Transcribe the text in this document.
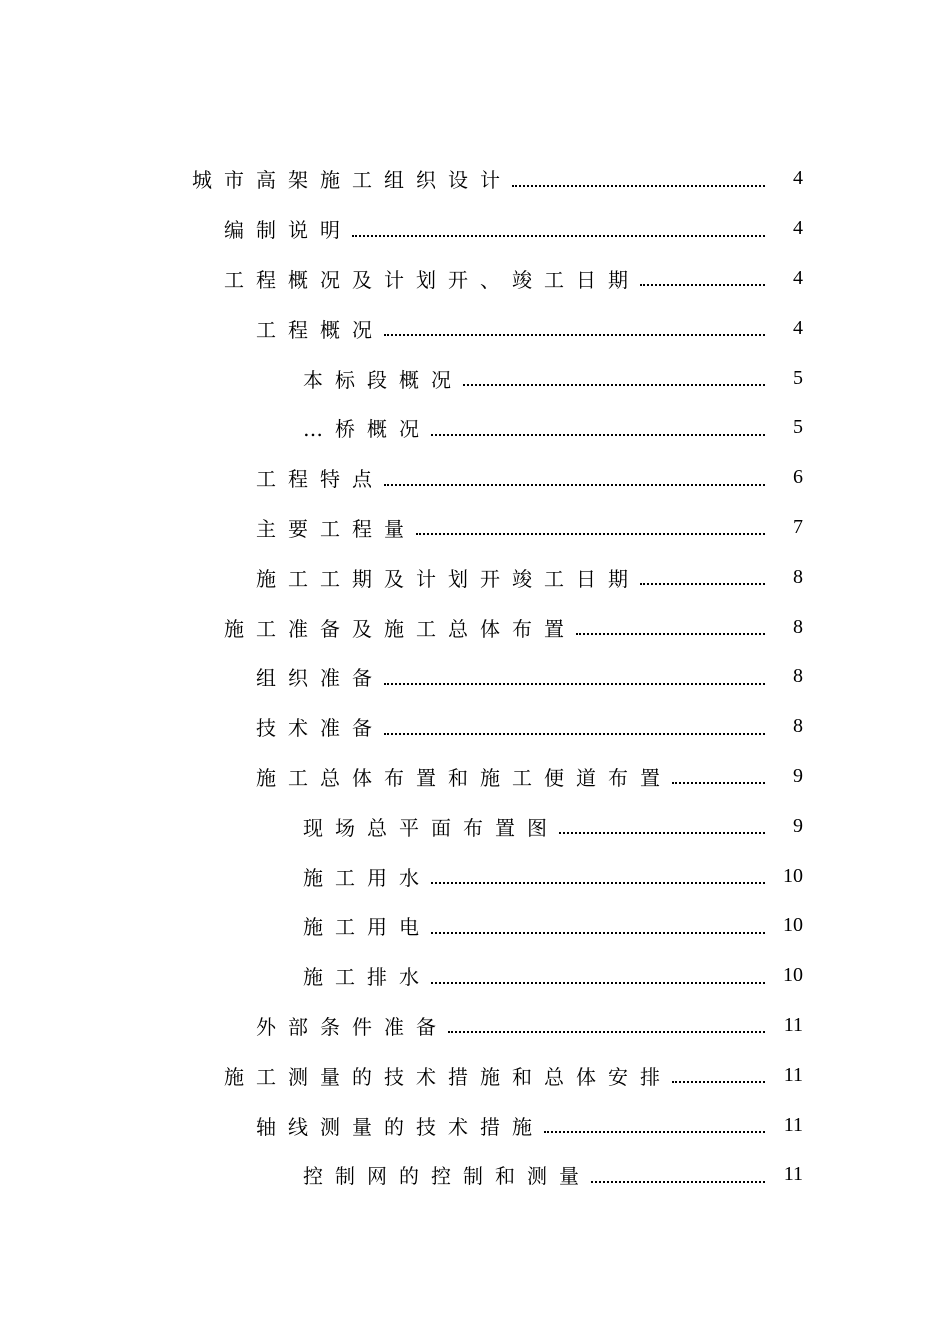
城市高架施工组织设计	4
编制说明	4
工程概况及计划开、竣工日期	4
工程概况	4
本标段概况	5
…桥概况	5
工程特点	6
主要工程量	7
施工工期及计划开竣工日期	8
施工准备及施工总体布置	8
组织准备	8
技术准备	8
施工总体布置和施工便道布置	9
现场总平面布置图	9
施工用水	10
施工用电	10
施工排水	10
外部条件准备	11
施工测量的技术措施和总体安排	11
轴线测量的技术措施	11
控制网的控制和测量	11
